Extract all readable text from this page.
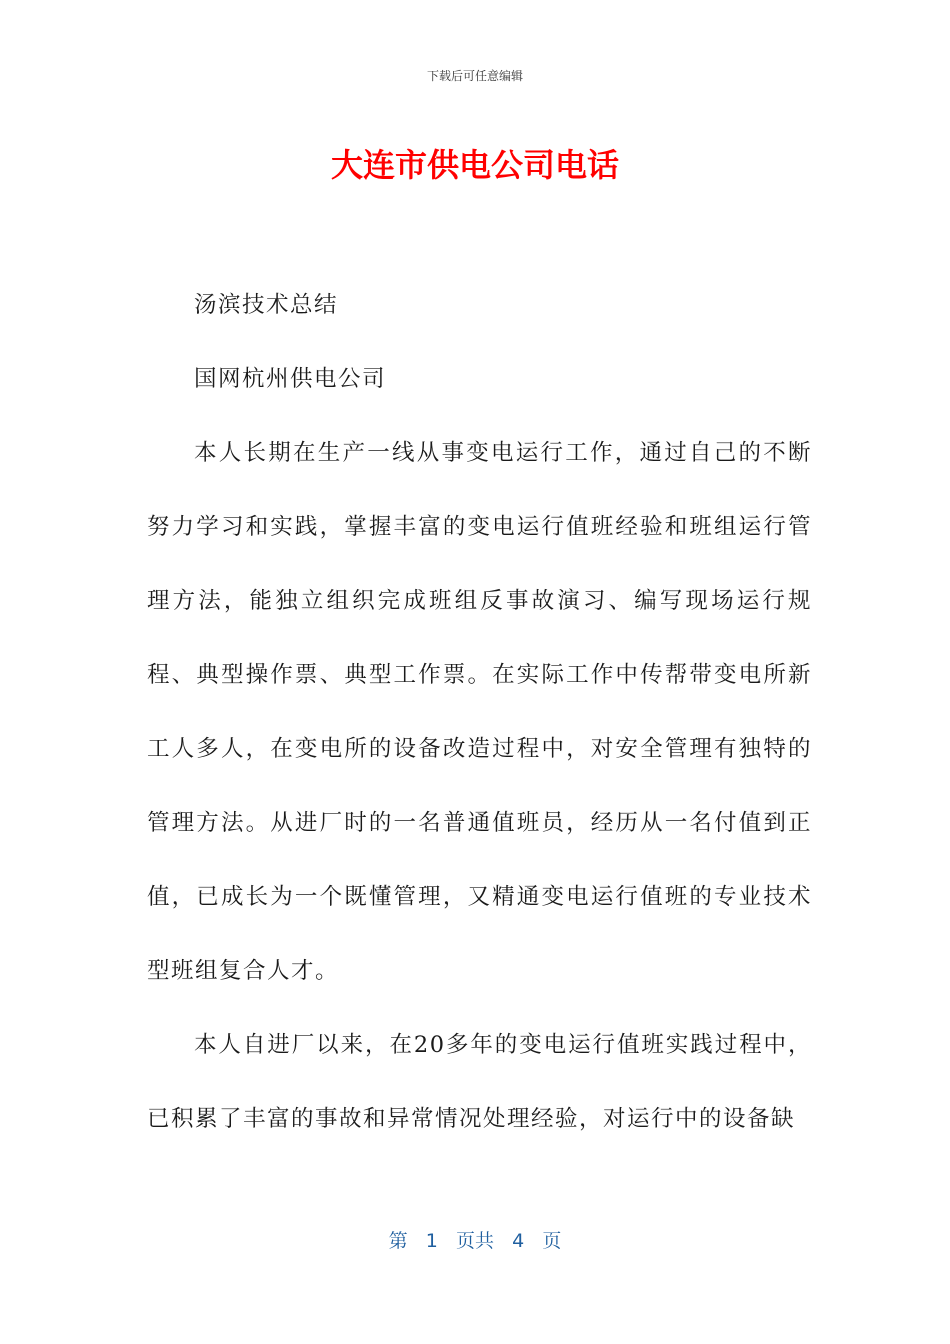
下载后可任意编辑
大连市供电公司电话

汤滨技术总结

国网杭州供电公司

本人长期在生产一线从事变电运行工作，通过自己的不断努力学习和实践，掌握丰富的变电运行值班经验和班组运行管理方法，能独立组织完成班组反事故演习、编写现场运行规程、典型操作票、典型工作票。在实际工作中传帮带变电所新工人多人，在变电所的设备改造过程中，对安全管理有独特的管理方法。从进厂时的一名普通值班员，经历从一名付值到正值，已成长为一个既懂管理，又精通变电运行值班的专业技术型班组复合人才。

本人自进厂以来，在20多年的变电运行值班实践过程中，已积累了丰富的事故和异常情况处理经验，对运行中的设备缺

第 1 页共 4 页
